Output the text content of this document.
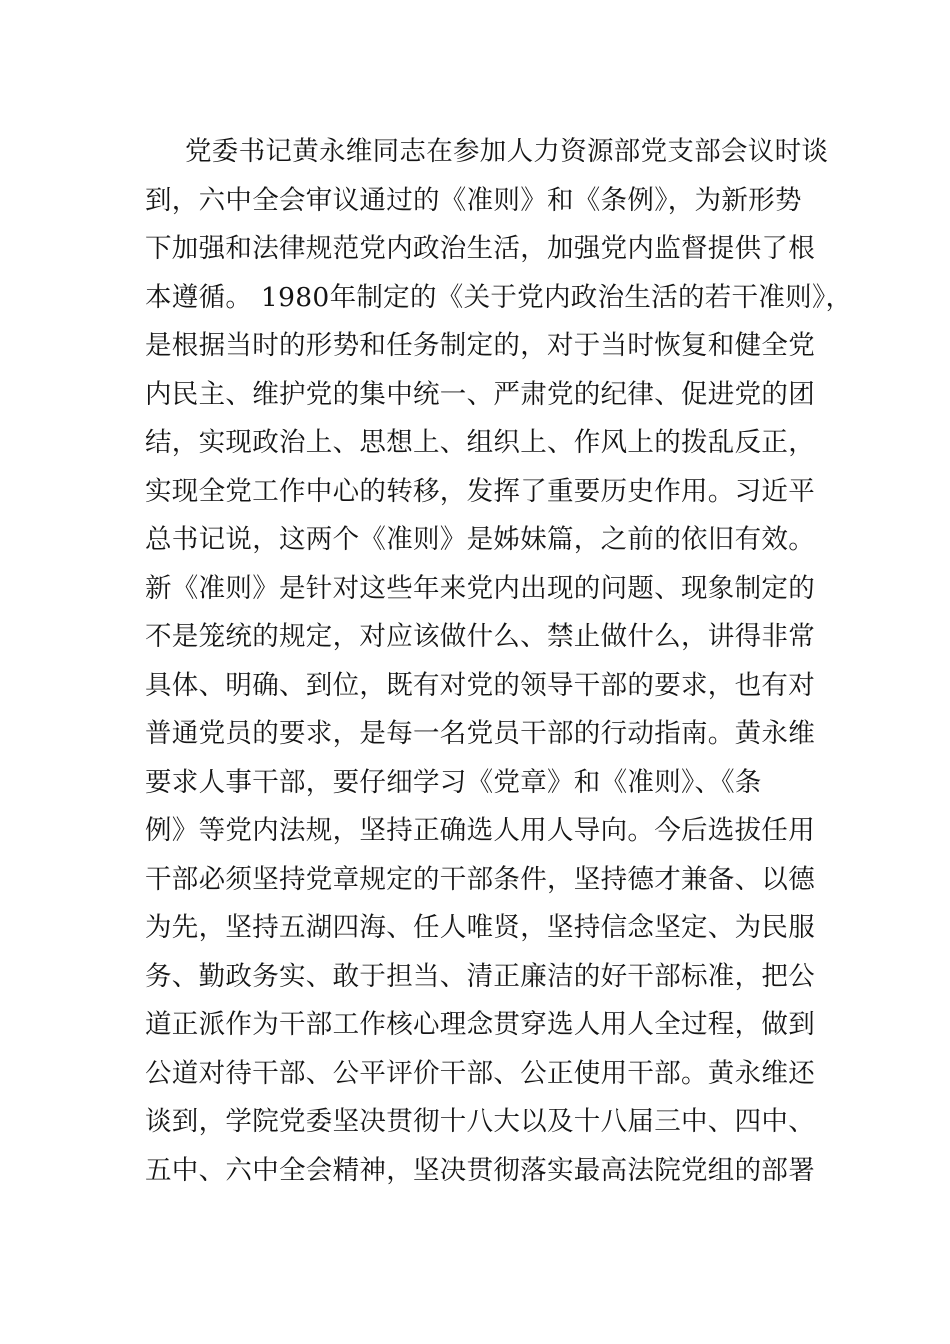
党委书记黄永维同志在参加人力资源部党支部会议时谈
到，六中全会审议通过的《准则》和《条例》，为新形势
下加强和法律规范党内政治生活，加强党内监督提供了根
本遵循。 1980年制定的《关于党内政治生活的若干准则》，
是根据当时的形势和任务制定的，对于当时恢复和健全党
内民主、维护党的集中统一、严肃党的纪律、促进党的团
结，实现政治上、思想上、组织上、作风上的拨乱反正，
实现全党工作中心的转移，发挥了重要历史作用。习近平
总书记说，这两个《准则》是姊妹篇，之前的依旧有效。
新《准则》是针对这些年来党内出现的问题、现象制定的
不是笼统的规定，对应该做什么、禁止做什么，讲得非常
具体、明确、到位，既有对党的领导干部的要求，也有对
普通党员的要求，是每一名党员干部的行动指南。黄永维
要求人事干部，要仔细学习《党章》和《准则》、《条
例》等党内法规，坚持正确选人用人导向。今后选拔任用
干部必须坚持党章规定的干部条件，坚持德才兼备、以德
为先，坚持五湖四海、任人唯贤，坚持信念坚定、为民服
务、勤政务实、敢于担当、清正廉洁的好干部标准，把公
道正派作为干部工作核心理念贯穿选人用人全过程，做到
公道对待干部、公平评价干部、公正使用干部。黄永维还
谈到，学院党委坚决贯彻十八大以及十八届三中、四中、
五中、六中全会精神，坚决贯彻落实最高法院党组的部署
